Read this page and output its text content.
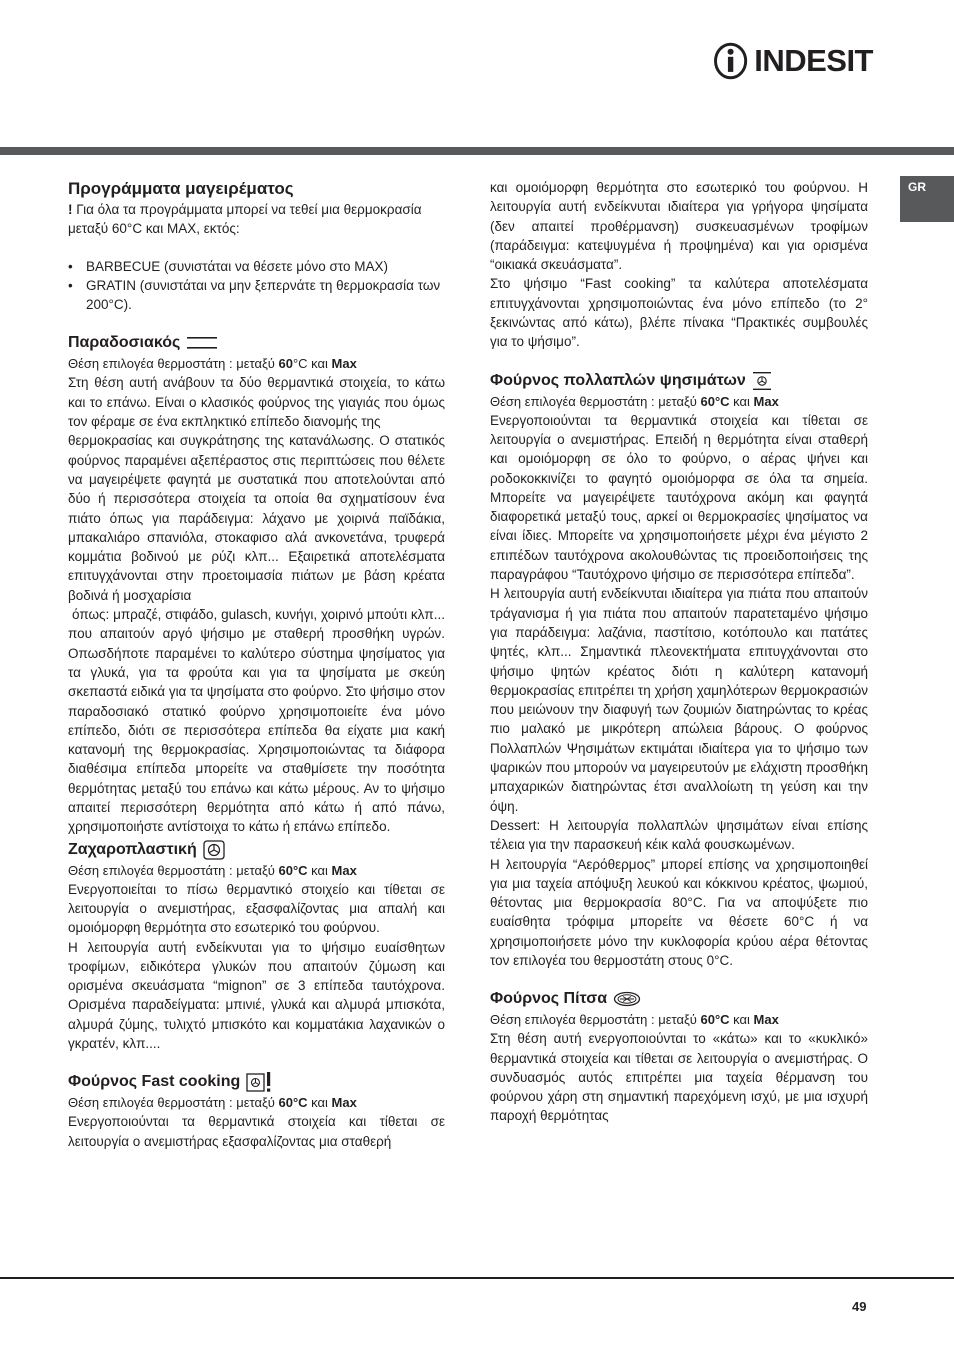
INDESIT
GR

Προγράμματα μαγειρέματος

! Για όλα τα προγράμματα μπορεί να τεθεί μια θερμοκρασία μεταξύ 60°C και MAX, εκτός:

• BARBECUE (συνιστάται να θέσετε μόνο στο MAX)
• GRATIN (συνιστάται να μην ξεπερνάτε τη θερμοκρασία των 200°C).

Παραδοσιακός

Θέση επιλογέα θερμοστάτη : μεταξύ 60°C και Max

Στη θέση αυτή ανάβουν τα δύο θερμαντικά στοιχεία, το κάτω και το επάνω. Είναι ο κλασικός φούρνος της γιαγιάς που όμως τον φέραμε σε ένα εκπληκτικό επίπεδο διανομής της

θερμοκρασίας και συγκράτησης της κατανάλωσης. Ο στατικός φούρνος παραμένει αξεπέραστος στις περιπτώσεις που θέλετε να μαγειρέψετε φαγητά με συστατικά που αποτελούνται από δύο ή περισσότερα στοιχεία τα οποία θα σχηματίσουν ένα πιάτο όπως για παράδειγμα: λάχανο με χοιρινά παϊδάκια, μπακαλιάρο σπανιόλα, στοκαφισο αλά ανκονετάνα, τρυφερά κομμάτια βοδινού με ρύζι κλπ... Εξαιρετικά αποτελέσματα επιτυγχάνονται στην προετοιμασία πιάτων με βάση κρέατα βοδινά ή μοσχαρίσια

όπως: μπραζέ, στιφάδο, gulasch, κυνήγι, χοιρινό μπούτι κλπ... που απαιτούν αργό ψήσιμο με σταθερή προσθήκη υγρών. Οπωσδήποτε παραμένει το καλύτερο σύστημα ψησίματος για τα γλυκά, για τα φρούτα και για τα ψησίματα με σκεύη σκεπαστά ειδικά για τα ψησίματα στο φούρνο. Στο ψήσιμο στον παραδοσιακό στατικό φούρνο χρησιμοποιείτε ένα μόνο επίπεδο, διότι σε περισσότερα επίπεδα θα είχατε μια κακή κατανομή της θερμοκρασίας. Χρησιμοποιώντας τα διάφορα διαθέσιμα επίπεδα μπορείτε να σταθμίσετε την ποσότητα θερμότητας μεταξύ του επάνω και κάτω μέρους. Αν το ψήσιμο απαιτεί περισσότερη θερμότητα από κάτω ή από πάνω, χρησιμοποιήστε αντίστοιχα το κάτω ή επάνω επίπεδο.

Ζαχαροπλαστική

Θέση επιλογέα θερμοστάτη : μεταξύ 60°C και Max

Ενεργοποιείται το πίσω θερμαντικό στοιχείο και τίθεται σε λειτουργία ο ανεμιστήρας, εξασφαλίζοντας μια απαλή και ομοιόμορφη θερμότητα στο εσωτερικό του φούρνου.

Η λειτουργία αυτή ενδείκνυται για το ψήσιμο ευαίσθητων τροφίμων, ειδικότερα γλυκών που απαιτούν ζύμωση και ορισμένα σκευάσματα “mignon” σε 3 επίπεδα ταυτόχρονα. Ορισμένα παραδείγματα: μπινιέ, γλυκά και αλμυρά μπισκότα, αλμυρά ζύμης, τυλιχτό μπισκότο και κομματάκια λαχανικών ο γκρατέν, κλπ....

Φούρνος Fast cooking

Θέση επιλογέα θερμοστάτη : μεταξύ 60°C και Max

Ενεργοποιούνται τα θερμαντικά στοιχεία και τίθεται σε λειτουργία ο ανεμιστήρας εξασφαλίζοντας μια σταθερή

και ομοιόμορφη θερμότητα στο εσωτερικό του φούρνου. Η λειτουργία αυτή ενδείκνυται ιδιαίτερα για γρήγορα ψησίματα (δεν απαιτεί προθέρμανση) συσκευασμένων τροφίμων (παράδειγμα: κατεψυγμένα ή προψημένα) και για ορισμένα “οικιακά σκευάσματα”.

Στο ψήσιμο “Fast cooking” τα καλύτερα αποτελέσματα επιτυγχάνονται χρησιμοποιώντας ένα μόνο επίπεδο (το 2° ξεκινώντας από κάτω), βλέπε πίνακα “Πρακτικές συμβουλές για το ψήσιμο”.

Φούρνος πολλαπλών ψησιμάτων

Θέση επιλογέα θερμοστάτη : μεταξύ 60°C και Max

Ενεργοποιούνται τα θερμαντικά στοιχεία και τίθεται σε λειτουργία ο ανεμιστήρας. Επειδή η θερμότητα είναι σταθερή και ομοιόμορφη σε όλο το φούρνο, ο αέρας ψήνει και ροδοκοκκινίζει το φαγητό ομοιόμορφα σε όλα τα σημεία. Μπορείτε να μαγειρέψετε ταυτόχρονα ακόμη και φαγητά διαφορετικά μεταξύ τους, αρκεί οι θερμοκρασίες ψησίματος να είναι ίδιες. Μπορείτε να χρησιμοποιήσετε μέχρι ένα μέγιστο 2 επιπέδων ταυτόχρονα ακολουθώντας τις προειδοποιήσεις της παραγράφου “Ταυτόχρονο ψήσιμο σε περισσότερα επίπεδα”.

Η λειτουργία αυτή ενδείκνυται ιδιαίτερα για πιάτα που απαιτούν τράγανισμα ή για πιάτα που απαιτούν παρατεταμένο ψήσιμο για παράδειγμα: λαζάνια, παστίτσιο, κοτόπουλο και πατάτες ψητές, κλπ... Σημαντικά πλεονεκτήματα επιτυγχάνονται στο ψήσιμο ψητών κρέατος διότι η καλύτερη κατανομή θερμοκρασίας επιτρέπει τη χρήση χαμηλότερων θερμοκρασιών που μειώνουν την διαφυγή των ζουμιών διατηρώντας το κρέας πιο μαλακό με μικρότερη απώλεια βάρους. Ο φούρνος Πολλαπλών Ψησιμάτων εκτιμάται ιδιαίτερα για το ψήσιμο των ψαρικών που μπορούν να μαγειρευτούν με ελάχιστη προσθήκη μπαχαρικών διατηρώντας έτσι αναλλοίωτη τη γεύση και την όψη.

Dessert: Η λειτουργία πολλαπλών ψησιμάτων είναι επίσης τέλεια για την παρασκευή κέικ καλά φουσκωμένων.

Η λειτουργία “Αερόθερμος” μπορεί επίσης να χρησιμοποιηθεί για μια ταχεία απόψυξη λευκού και κόκκινου κρέατος, ψωμιού, θέτοντας μια θερμοκρασία 80°C. Για να αποψύξετε πιο ευαίσθητα τρόφιμα μπορείτε να θέσετε 60°C ή να χρησιμοποιήσετε μόνο την κυκλοφορία κρύου αέρα θέτοντας τον επιλογέα του θερμοστάτη στους 0°C.

Φούρνος Πίτσα

Θέση επιλογέα θερμοστάτη : μεταξύ 60°C και Max

Στη θέση αυτή ενεργοποιούνται το «κάτω» και το «κυκλικό» θερμαντικά στοιχεία και τίθεται σε λειτουργία ο ανεμιστήρας. Ο συνδυασμός αυτός επιτρέπει μια ταχεία θέρμανση του φούρνου χάρη στη σημαντική παρεχόμενη ισχύ, με μια ισχυρή παροχή θερμότητας

49
